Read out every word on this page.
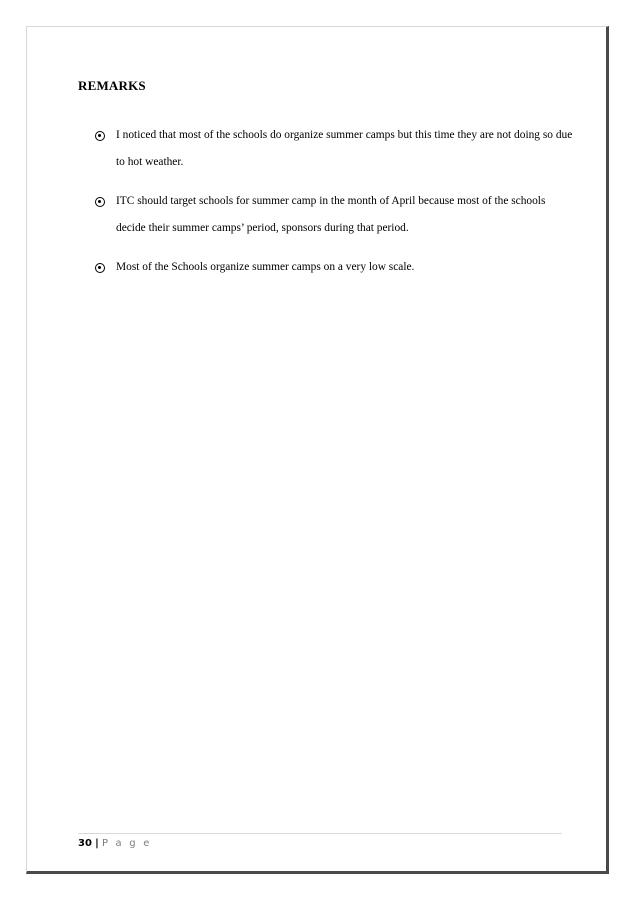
REMARKS
I noticed that most of the schools do organize summer camps but this time they are not doing so due to hot weather.
ITC should target schools for summer camp in the month of April because most of the schools decide their summer camps’ period, sponsors during that period.
Most of the Schools organize summer camps on a very low scale.
30 | P a g e
